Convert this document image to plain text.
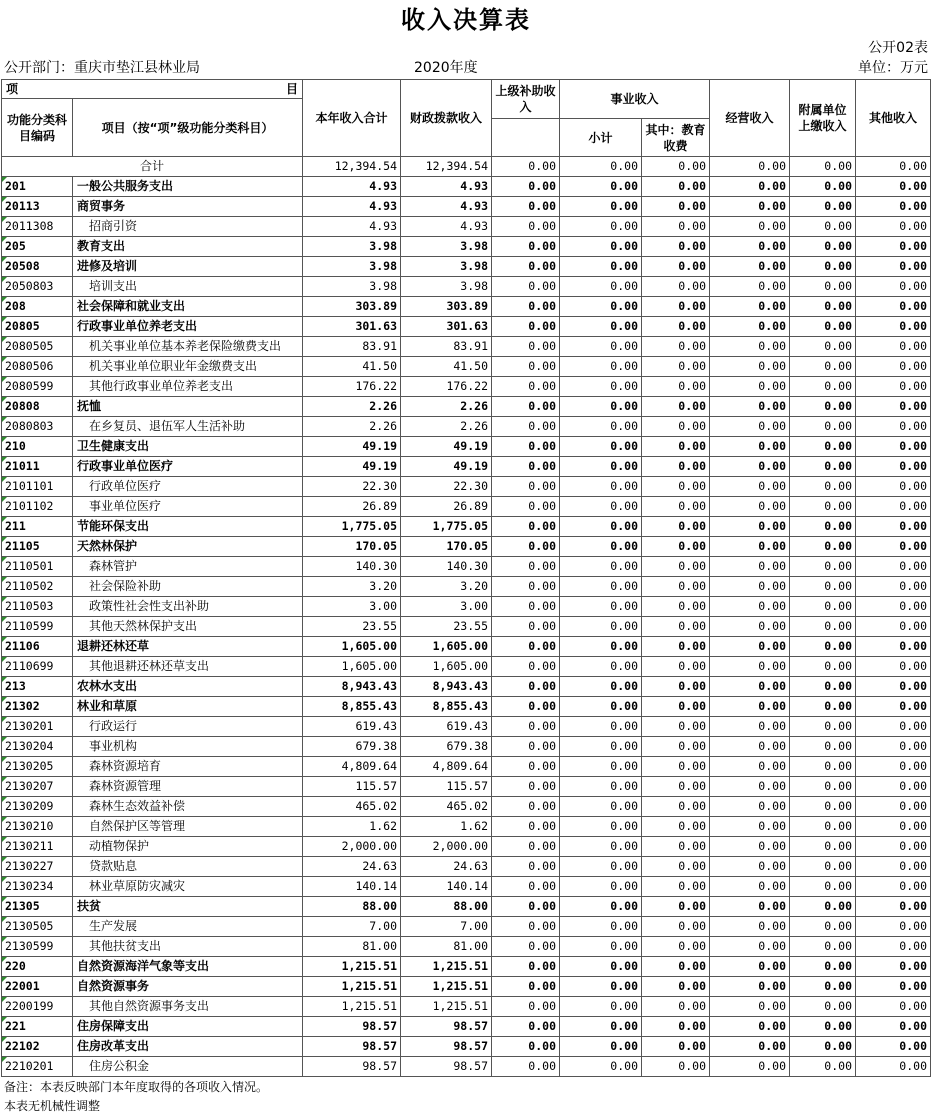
收入决算表
公开02表
公开部门：重庆市垫江县林业局	2020年度	单位：万元
项 目		本年收入合计	财政拨款收入	上级补助收入	事业收入		经营收入	附属单位上缴收入	其他收入
功能分类科目编码	项目（按“项”级功能分类科目）								
					小计	其中：教育收费			
合计		12,394.54	12,394.54	0.00	0.00	0.00	0.00	0.00	0.00
201	一般公共服务支出	4.93	4.93	0.00	0.00	0.00	0.00	0.00	0.00
20113	商贸事务	4.93	4.93	0.00	0.00	0.00	0.00	0.00	0.00
2011308	招商引资	4.93	4.93	0.00	0.00	0.00	0.00	0.00	0.00
205	教育支出	3.98	3.98	0.00	0.00	0.00	0.00	0.00	0.00
20508	进修及培训	3.98	3.98	0.00	0.00	0.00	0.00	0.00	0.00
2050803	培训支出	3.98	3.98	0.00	0.00	0.00	0.00	0.00	0.00
208	社会保障和就业支出	303.89	303.89	0.00	0.00	0.00	0.00	0.00	0.00
20805	行政事业单位养老支出	301.63	301.63	0.00	0.00	0.00	0.00	0.00	0.00
2080505	机关事业单位基本养老保险缴费支出	83.91	83.91	0.00	0.00	0.00	0.00	0.00	0.00
2080506	机关事业单位职业年金缴费支出	41.50	41.50	0.00	0.00	0.00	0.00	0.00	0.00
2080599	其他行政事业单位养老支出	176.22	176.22	0.00	0.00	0.00	0.00	0.00	0.00
20808	抚恤	2.26	2.26	0.00	0.00	0.00	0.00	0.00	0.00
2080803	在乡复员、退伍军人生活补助	2.26	2.26	0.00	0.00	0.00	0.00	0.00	0.00
210	卫生健康支出	49.19	49.19	0.00	0.00	0.00	0.00	0.00	0.00
21011	行政事业单位医疗	49.19	49.19	0.00	0.00	0.00	0.00	0.00	0.00
2101101	行政单位医疗	22.30	22.30	0.00	0.00	0.00	0.00	0.00	0.00
2101102	事业单位医疗	26.89	26.89	0.00	0.00	0.00	0.00	0.00	0.00
211	节能环保支出	1,775.05	1,775.05	0.00	0.00	0.00	0.00	0.00	0.00
21105	天然林保护	170.05	170.05	0.00	0.00	0.00	0.00	0.00	0.00
2110501	森林管护	140.30	140.30	0.00	0.00	0.00	0.00	0.00	0.00
2110502	社会保险补助	3.20	3.20	0.00	0.00	0.00	0.00	0.00	0.00
2110503	政策性社会性支出补助	3.00	3.00	0.00	0.00	0.00	0.00	0.00	0.00
2110599	其他天然林保护支出	23.55	23.55	0.00	0.00	0.00	0.00	0.00	0.00
21106	退耕还林还草	1,605.00	1,605.00	0.00	0.00	0.00	0.00	0.00	0.00
2110699	其他退耕还林还草支出	1,605.00	1,605.00	0.00	0.00	0.00	0.00	0.00	0.00
213	农林水支出	8,943.43	8,943.43	0.00	0.00	0.00	0.00	0.00	0.00
21302	林业和草原	8,855.43	8,855.43	0.00	0.00	0.00	0.00	0.00	0.00
2130201	行政运行	619.43	619.43	0.00	0.00	0.00	0.00	0.00	0.00
2130204	事业机构	679.38	679.38	0.00	0.00	0.00	0.00	0.00	0.00
2130205	森林资源培育	4,809.64	4,809.64	0.00	0.00	0.00	0.00	0.00	0.00
2130207	森林资源管理	115.57	115.57	0.00	0.00	0.00	0.00	0.00	0.00
2130209	森林生态效益补偿	465.02	465.02	0.00	0.00	0.00	0.00	0.00	0.00
2130210	自然保护区等管理	1.62	1.62	0.00	0.00	0.00	0.00	0.00	0.00
2130211	动植物保护	2,000.00	2,000.00	0.00	0.00	0.00	0.00	0.00	0.00
2130227	贷款贴息	24.63	24.63	0.00	0.00	0.00	0.00	0.00	0.00
2130234	林业草原防灾减灾	140.14	140.14	0.00	0.00	0.00	0.00	0.00	0.00
21305	扶贫	88.00	88.00	0.00	0.00	0.00	0.00	0.00	0.00
2130505	生产发展	7.00	7.00	0.00	0.00	0.00	0.00	0.00	0.00
2130599	其他扶贫支出	81.00	81.00	0.00	0.00	0.00	0.00	0.00	0.00
220	自然资源海洋气象等支出	1,215.51	1,215.51	0.00	0.00	0.00	0.00	0.00	0.00
22001	自然资源事务	1,215.51	1,215.51	0.00	0.00	0.00	0.00	0.00	0.00
2200199	其他自然资源事务支出	1,215.51	1,215.51	0.00	0.00	0.00	0.00	0.00	0.00
221	住房保障支出	98.57	98.57	0.00	0.00	0.00	0.00	0.00	0.00
22102	住房改革支出	98.57	98.57	0.00	0.00	0.00	0.00	0.00	0.00
2210201	住房公积金	98.57	98.57	0.00	0.00	0.00	0.00	0.00	0.00
备注：本表反映部门本年度取得的各项收入情况。
本表无机械性调整
